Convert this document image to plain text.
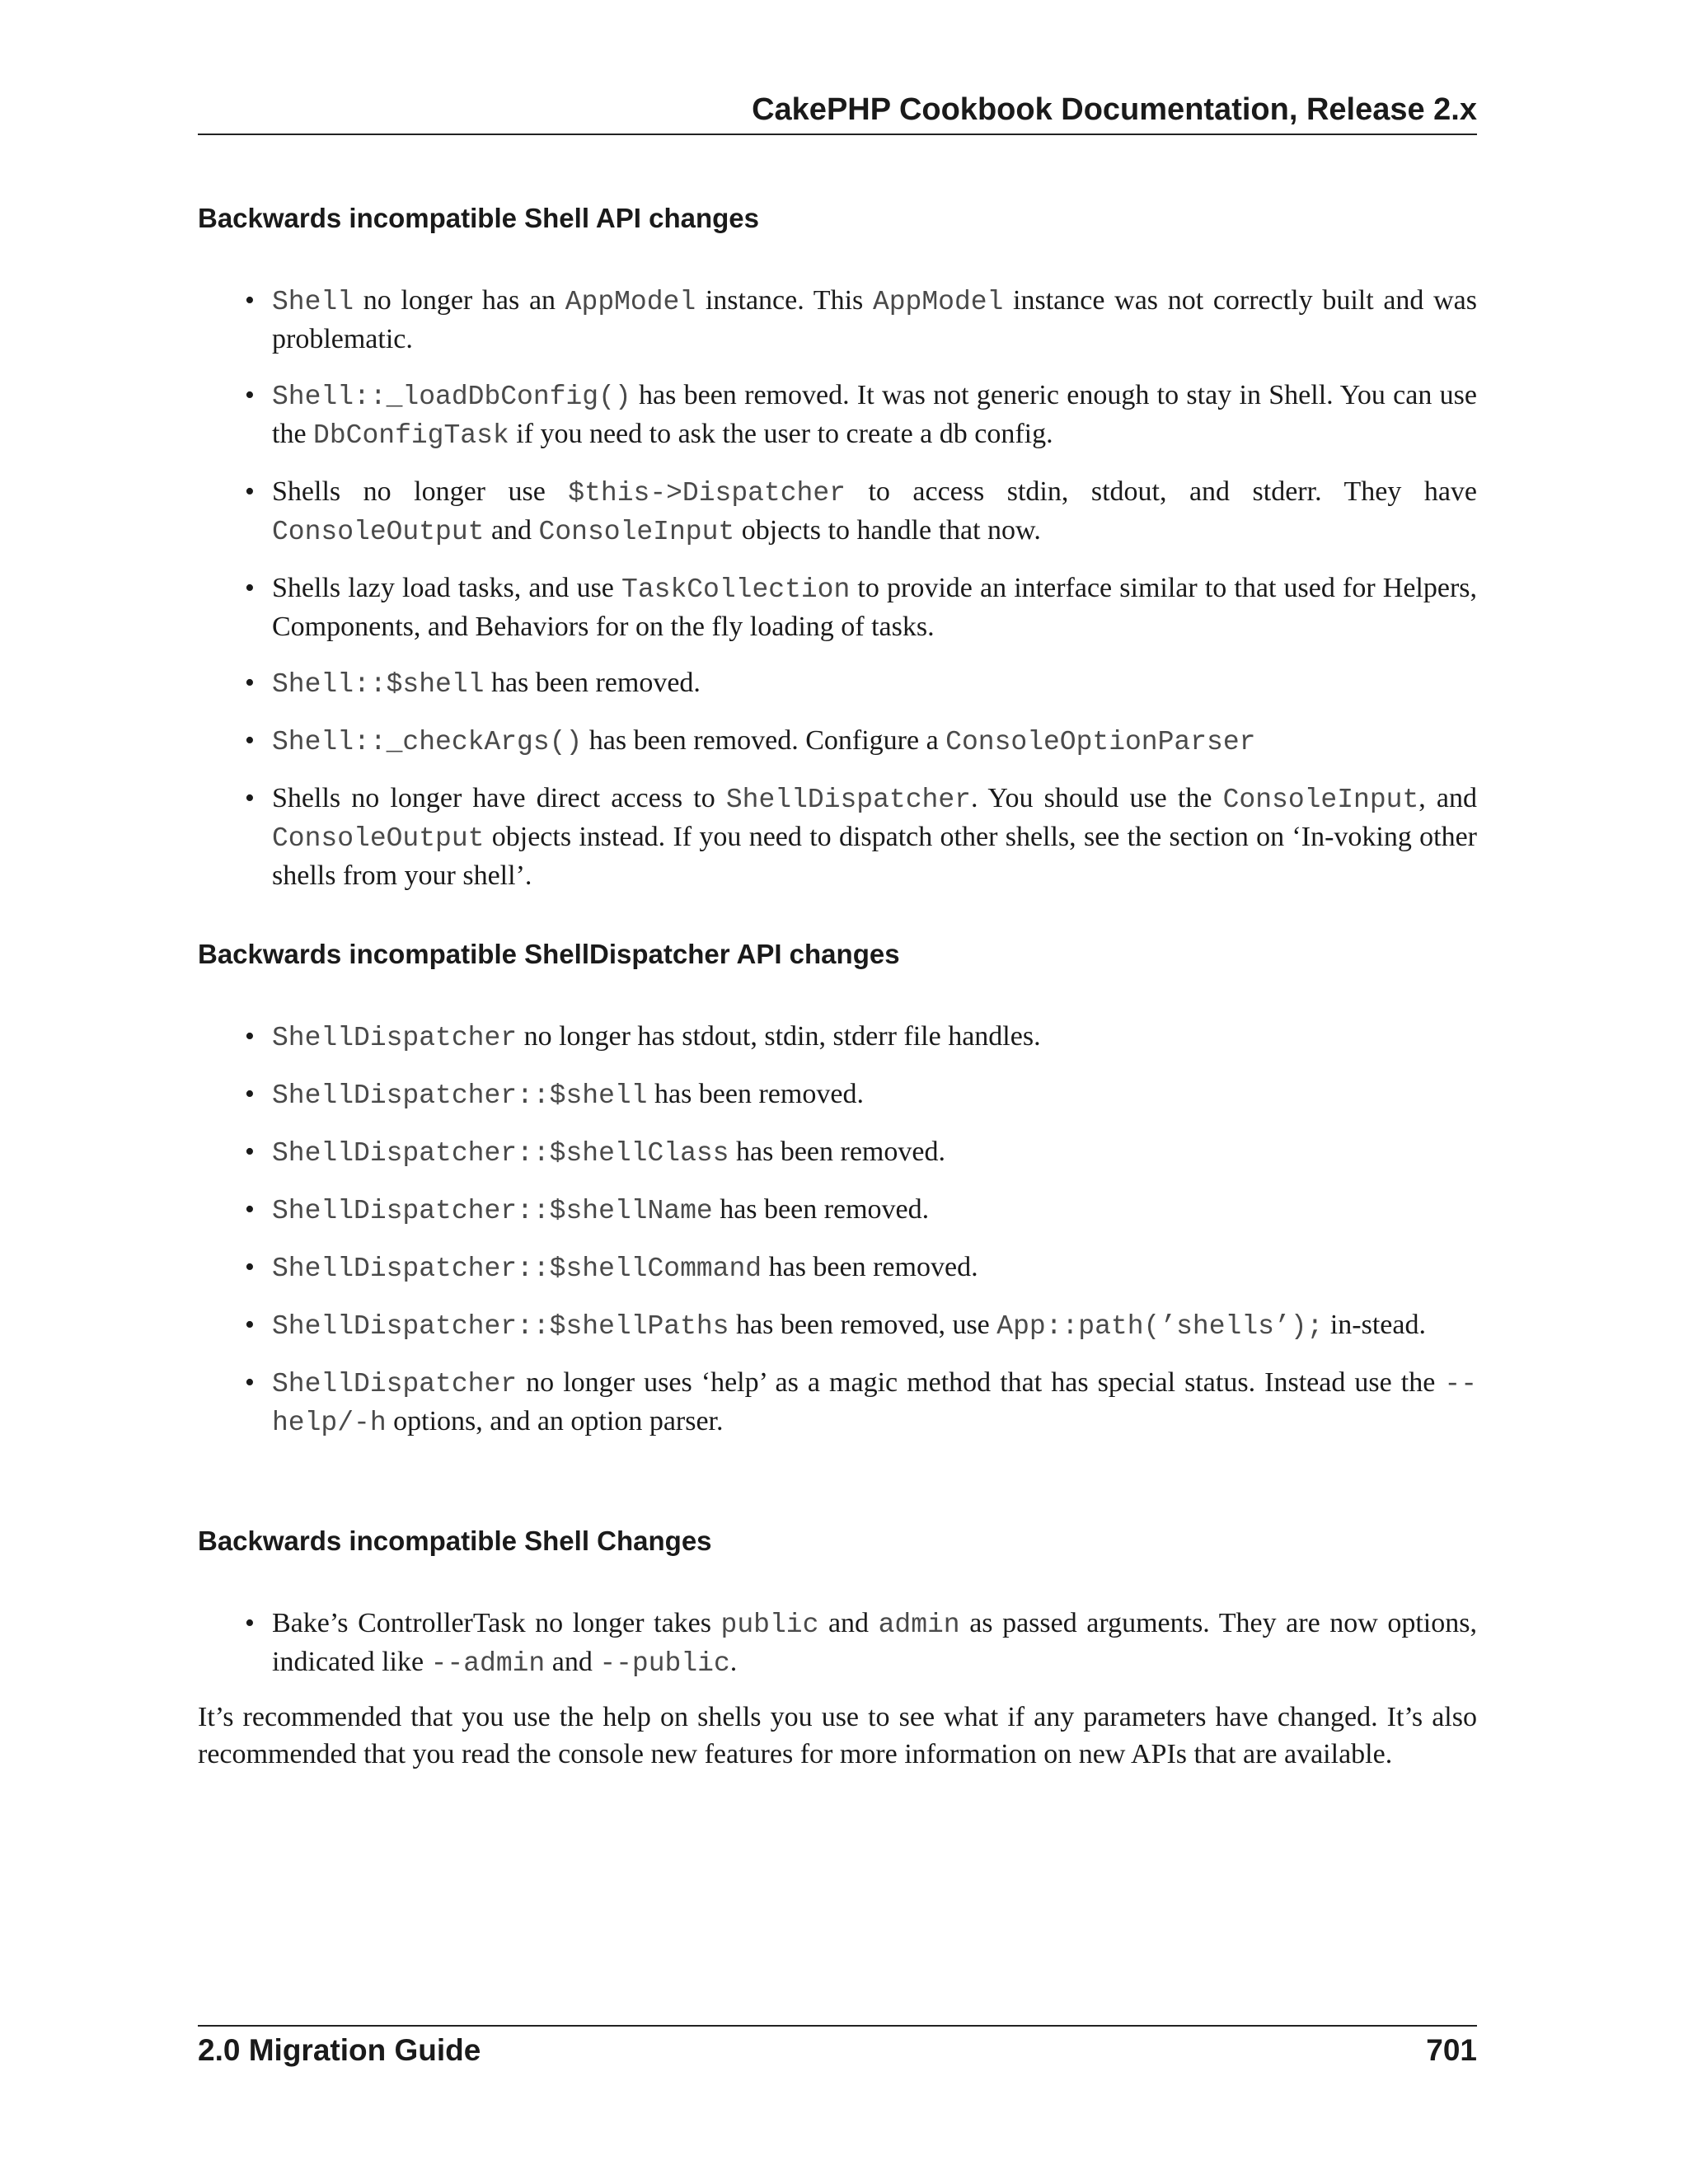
CakePHP Cookbook Documentation, Release 2.x
Backwards incompatible Shell API changes
• Shell no longer has an AppModel instance. This AppModel instance was not correctly built and was problematic.
• Shell::_loadDbConfig() has been removed. It was not generic enough to stay in Shell. You can use the DbConfigTask if you need to ask the user to create a db config.
• Shells no longer use $this->Dispatcher to access stdin, stdout, and stderr. They have ConsoleOutput and ConsoleInput objects to handle that now.
• Shells lazy load tasks, and use TaskCollection to provide an interface similar to that used for Helpers, Components, and Behaviors for on the fly loading of tasks.
• Shell::$shell has been removed.
• Shell::_checkArgs() has been removed. Configure a ConsoleOptionParser
• Shells no longer have direct access to ShellDispatcher. You should use the ConsoleInput, and ConsoleOutput objects instead. If you need to dispatch other shells, see the section on ‘In-voking other shells from your shell’.
Backwards incompatible ShellDispatcher API changes
• ShellDispatcher no longer has stdout, stdin, stderr file handles.
• ShellDispatcher::$shell has been removed.
• ShellDispatcher::$shellClass has been removed.
• ShellDispatcher::$shellName has been removed.
• ShellDispatcher::$shellCommand has been removed.
• ShellDispatcher::$shellPaths has been removed, use App::path(’shells’); in-stead.
• ShellDispatcher no longer uses ‘help’ as a magic method that has special status. Instead use the --help/-h options, and an option parser.
Backwards incompatible Shell Changes
• Bake’s ControllerTask no longer takes public and admin as passed arguments. They are now options, indicated like --admin and --public.

It’s recommended that you use the help on shells you use to see what if any parameters have changed. It’s also recommended that you read the console new features for more information on new APIs that are available.

2.0 Migration Guide	701
